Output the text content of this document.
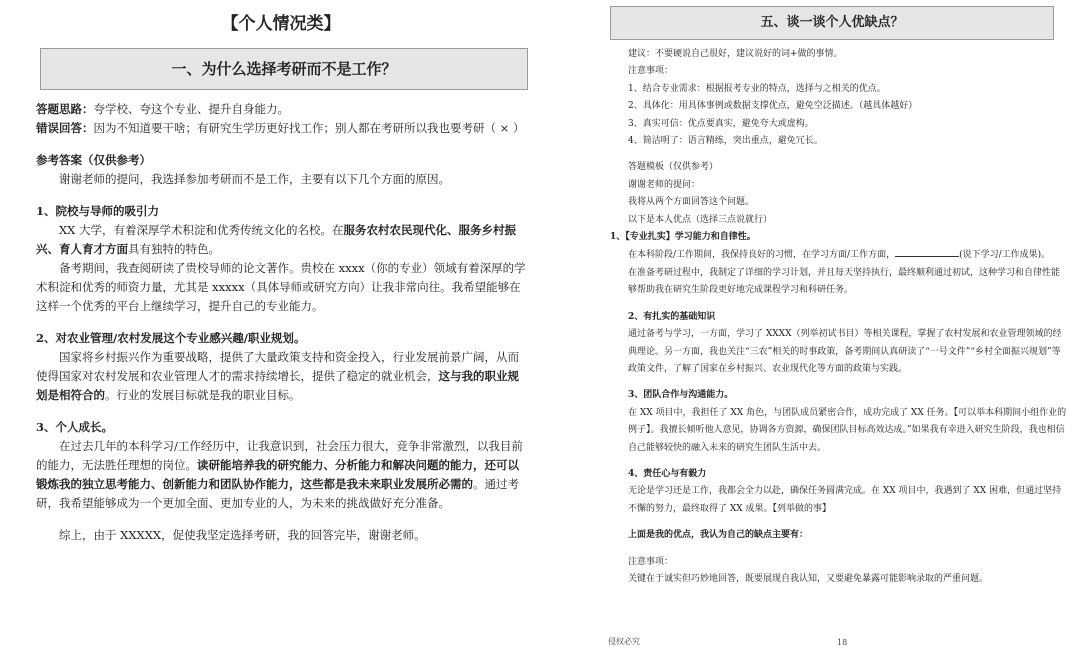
【个人情况类】
一、为什么选择考研而不是工作？

答题思路：夸学校、夸这个专业、提升自身能力。

错误回答：因为不知道要干啥；有研究生学历更好找工作；别人都在考研所以我也要考研（ × ）

参考答案（仅供参考）

谢谢老师的提问，我选择参加考研而不是工作，主要有以下几个方面的原因。

1、院校与导师的吸引力

XX 大学，有着深厚学术积淀和优秀传统文化的名校。在服务农村农民现代化、服务乡村振兴、育人育才方面具有独特的特色。

备考期间，我查阅研读了贵校导师的论文著作。贵校在 xxxx（你的专业）领域有着深厚的学术积淀和优秀的师资力量，尤其是 xxxxx（具体导师或研究方向）让我非常向往。我希望能够在这样一个优秀的平台上继续学习，提升自己的专业能力。

2、对农业管理/农村发展这个专业感兴趣/职业规划。

国家将乡村振兴作为重要战略，提供了大量政策支持和资金投入，行业发展前景广阔，从而使得国家对农村发展和农业管理人才的需求持续增长，提供了稳定的就业机会，这与我的职业规划是相符合的。行业的发展目标就是我的职业目标。

3、个人成长。

在过去几年的本科学习/工作经历中，让我意识到，社会压力很大，竞争非常激烈，以我目前的能力，无法胜任理想的岗位。读研能培养我的研究能力、分析能力和解决问题的能力，还可以锻炼我的独立思考能力、创新能力和团队协作能力，这些都是我未来职业发展所必需的。通过考研，我希望能够成为一个更加全面、更加专业的人，为未来的挑战做好充分准备。

综上，由于 XXXXX，促使我坚定选择考研，我的回答完毕，谢谢老师。

五、谈一谈个人优缺点？

建议：不要硬说自己很好，建议说好的词+做的事情。

注意事项：

1、结合专业需求：根据报考专业的特点，选择与之相关的优点。

2、具体化：用具体事例或数据支撑优点，避免空泛描述。（越具体越好）

3、真实可信：优点要真实，避免夸大或虚构。

4、简洁明了：语言精练，突出重点，避免冗长。

答题模板（仅供参考）

谢谢老师的提问：

我将从两个方面回答这个问题。

以下是本人优点（选择三点说就行）

1、【专业扎实】学习能力和自律性。

在本科阶段/工作期间，我保持良好的习惯，在学习方面/工作方面，	(说下学习/工作成果)。

在准备考研过程中，我制定了详细的学习计划，并且每天坚持执行，最终顺利通过初试，这种学习和自律性能够帮助我在研究生阶段更好地完成课程学习和科研任务。

2、有扎实的基础知识

通过备考与学习，一方面，学习了 XXXX（列举初试书目）等相关课程，掌握了农村发展和农业管理领域的经典理论。另一方面，我也关注“三农”相关的时事政策，备考期间认真研读了“一号文件”“乡村全面振兴规划”等政策文件，了解了国家在乡村振兴、农业现代化等方面的政策与实践。

3、团队合作与沟通能力。

在 XX 项目中，我担任了 XX 角色，与团队成员紧密合作，成功完成了 XX 任务。【可以举本科期间小组作业的例子】。我擅长倾听他人意见，协调各方资源，确保团队目标高效达成。”如果我有幸进入研究生阶段，我也相信自己能够较快的融入未来的研究生团队生活中去。

4、责任心与有毅力

无论是学习还是工作，我都会全力以赴，确保任务圆满完成。在 XX 项目中，我遇到了 XX 困难，但通过坚持不懈的努力，最终取得了 XX 成果。【列举做的事】

上面是我的优点，我认为自己的缺点主要有：

注意事项：

关键在于诚实但巧妙地回答，既要展现自我认知，又要避免暴露可能影响录取的严重问题。

侵权必究	18
